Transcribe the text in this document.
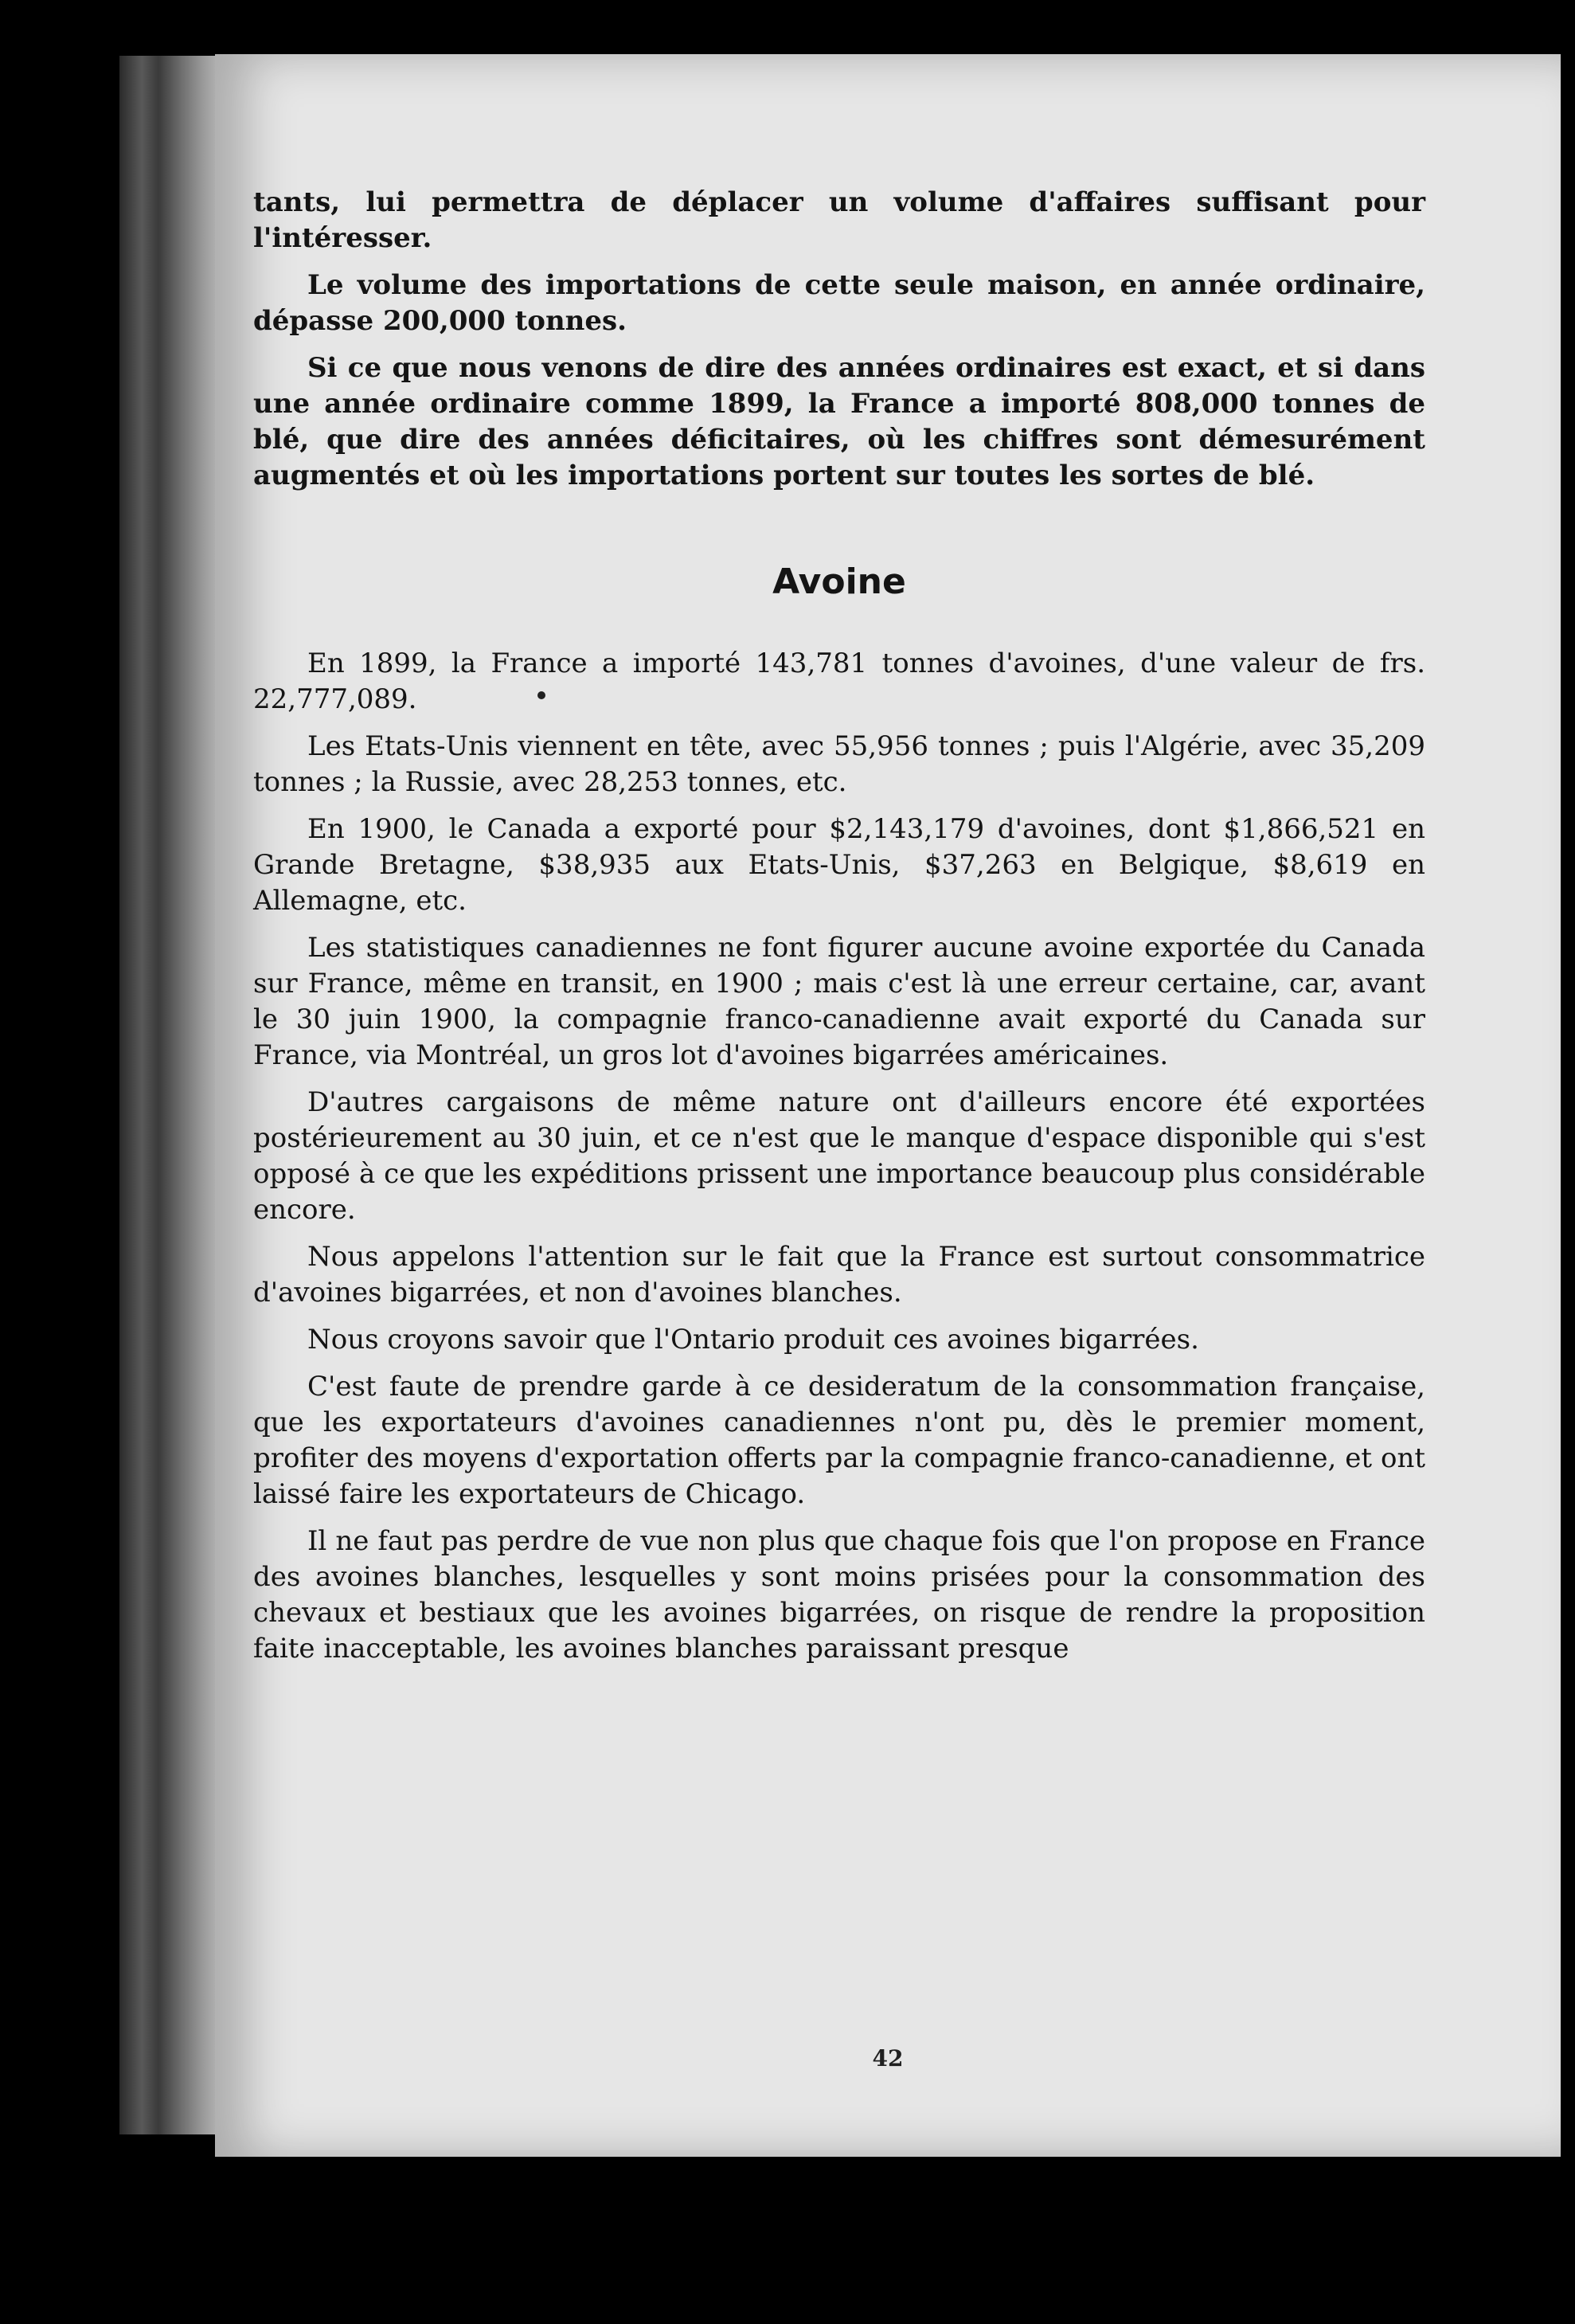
42

tants, lui permettra de déplacer un volume d'affaires suffisant pour l'intéresser.

Le volume des importations de cette seule maison, en année ordinaire, dépasse 200,000 tonnes.

Si ce que nous venons de dire des années ordinaires est exact, et si dans une année ordinaire comme 1899, la France a importé 808,000 tonnes de blé, que dire des années déficitaires, où les chiffres sont démesurément augmentés et où les importations portent sur toutes les sortes de blé.

Avoine

En 1899, la France a importé 143,781 tonnes d'avoines, d'une valeur de frs. 22,777,089.

Les Etats-Unis viennent en tête, avec 55,956 tonnes ; puis l'Algérie, avec 35,209 tonnes ; la Russie, avec 28,253 tonnes, etc.

En 1900, le Canada a exporté pour $2,143,179 d'avoines, dont $1,866,521 en Grande Bretagne, $38,935 aux Etats-Unis, $37,263 en Belgique, $8,619 en Allemagne, etc.

Les statistiques canadiennes ne font figurer aucune avoine exportée du Canada sur France, même en transit, en 1900 ; mais c'est là une erreur certaine, car, avant le 30 juin 1900, la compagnie franco-canadienne avait exporté du Canada sur France, via Montréal, un gros lot d'avoines bigarrées américaines.

D'autres cargaisons de même nature ont d'ailleurs encore été exportées postérieurement au 30 juin, et ce n'est que le manque d'espace disponible qui s'est opposé à ce que les expéditions prissent une importance beaucoup plus considérable encore.

Nous appelons l'attention sur le fait que la France est surtout consommatrice d'avoines bigarrées, et non d'avoines blanches.

Nous croyons savoir que l'Ontario produit ces avoines bigarrées.

C'est faute de prendre garde à ce desideratum de la consommation française, que les exportateurs d'avoines canadiennes n'ont pu, dès le premier moment, profiter des moyens d'exportation offerts par la compagnie franco-canadienne, et ont laissé faire les exportateurs de Chicago.

Il ne faut pas perdre de vue non plus que chaque fois que l'on propose en France des avoines blanches, lesquelles y sont moins prisées pour la consommation des chevaux et bestiaux que les avoines bigarrées, on risque de rendre la proposition faite inacceptable, les avoines blanches paraissant presque
